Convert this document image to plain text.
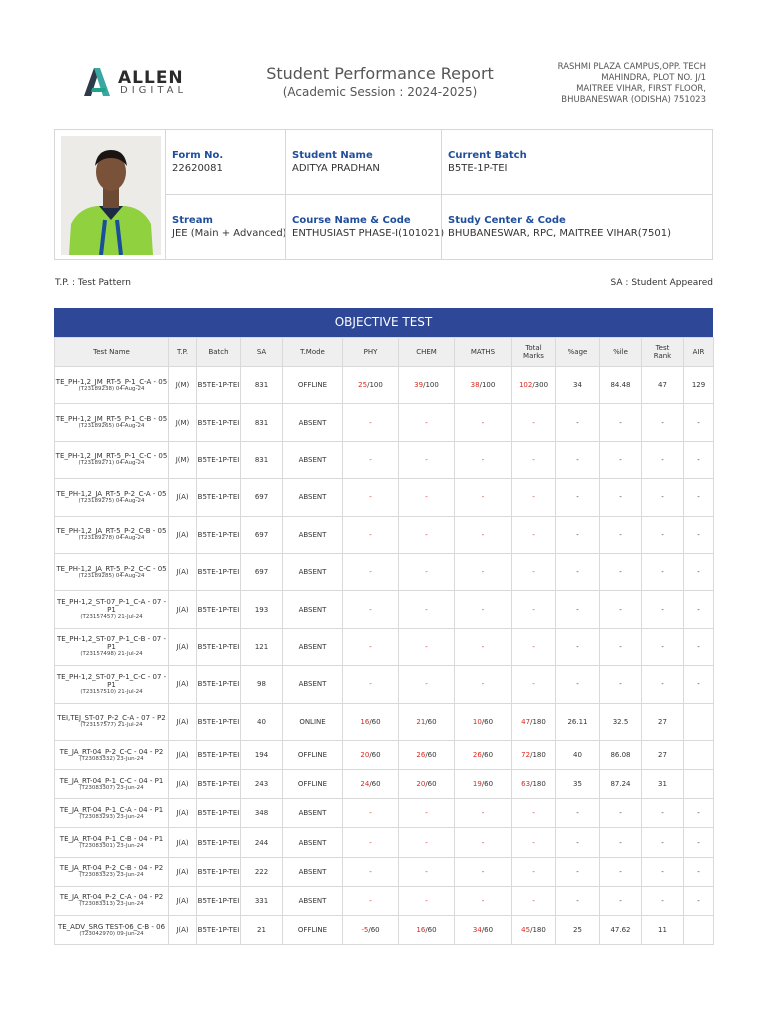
ALLEN
DIGITAL
Student Performance Report
(Academic Session : 2024-2025)
RASHMI PLAZA CAMPUS,OPP. TECH
MAHINDRA, PLOT NO. J/1
MAITREE VIHAR, FIRST FLOOR,
BHUBANESWAR (ODISHA) 751023
Form No.
22620081
Student Name
ADITYA PRADHAN
Current Batch
B5TE-1P-TEI
Stream
JEE (Main + Advanced)
Course Name & Code
ENTHUSIAST PHASE-I(101021)
Study Center & Code
BHUBANESWAR, RPC, MAITREE VIHAR(7501)
T.P. : Test Pattern	SA : Student Appeared
OBJECTIVE TEST
Test Name	T.P.	Batch	SA	T.Mode	PHY	CHEM	MATHS	Total Marks	%age	%ile	Test Rank	AIR

TE_PH-1,2_JM_RT-5_P-1_C-A - 05
(T23189238) 04-Aug-24	J(M)	B5TE-1P-TEI	831	OFFLINE	25/100	39/100	38/100	102/300	34	84.48	47	129

TE_PH-1,2_JM_RT-5_P-1_C-B - 05
(T23189265) 04-Aug-24	J(M)	B5TE-1P-TEI	831	ABSENT	-	-	-	-	-	-	-	-

TE_PH-1,2_JM_RT-5_P-1_C-C - 05
(T23189271) 04-Aug-24	J(M)	B5TE-1P-TEI	831	ABSENT	-	-	-	-	-	-	-	-

TE_PH-1,2_JA_RT-5_P-2_C-A - 05
(T23189275) 04-Aug-24	J(A)	B5TE-1P-TEI	697	ABSENT	-	-	-	-	-	-	-	-

TE_PH-1,2_JA_RT-5_P-2_C-B - 05
(T23189278) 04-Aug-24	J(A)	B5TE-1P-TEI	697	ABSENT	-	-	-	-	-	-	-	-

TE_PH-1,2_JA_RT-5_P-2_C-C - 05
(T23189285) 04-Aug-24	J(A)	B5TE-1P-TEI	697	ABSENT	-	-	-	-	-	-	-	-

TE_PH-1,2_ST-07_P-1_C-A - 07 - P1
(T23157457) 21-Jul-24	J(A)	B5TE-1P-TEI	193	ABSENT	-	-	-	-	-	-	-	-

TE_PH-1,2_ST-07_P-1_C-B - 07 - P1
(T23157498) 21-Jul-24	J(A)	B5TE-1P-TEI	121	ABSENT	-	-	-	-	-	-	-	-

TE_PH-1,2_ST-07_P-1_C-C - 07 - P1
(T23157510) 21-Jul-24	J(A)	B5TE-1P-TEI	98	ABSENT	-	-	-	-	-	-	-	-

TEI,TEJ_ST-07_P-2_C-A - 07 - P2
(T23157577) 21-Jul-24	J(A)	B5TE-1P-TEI	40	ONLINE	16/60	21/60	10/60	47/180	26.11	32.5	27	

TE_JA_RT-04_P-2_C-C - 04 - P2
(T23083332) 23-Jun-24	J(A)	B5TE-1P-TEI	194	OFFLINE	20/60	26/60	26/60	72/180	40	86.08	27	

TE_JA_RT-04_P-1_C-C - 04 - P1
(T23083307) 23-Jun-24	J(A)	B5TE-1P-TEI	243	OFFLINE	24/60	20/60	19/60	63/180	35	87.24	31	

TE_JA_RT-04_P-1_C-A - 04 - P1
(T23083293) 23-Jun-24	J(A)	B5TE-1P-TEI	348	ABSENT	-	-	-	-	-	-	-	-

TE_JA_RT-04_P-1_C-B - 04 - P1
(T23083301) 23-Jun-24	J(A)	B5TE-1P-TEI	244	ABSENT	-	-	-	-	-	-	-	-

TE_JA_RT-04_P-2_C-B - 04 - P2
(T23083323) 23-Jun-24	J(A)	B5TE-1P-TEI	222	ABSENT	-	-	-	-	-	-	-	-

TE_JA_RT-04_P-2_C-A - 04 - P2
(T23083313) 23-Jun-24	J(A)	B5TE-1P-TEI	331	ABSENT	-	-	-	-	-	-	-	-

TE_ADV_SRG TEST-06_C-B - 06
(T23042970) 09-Jun-24	J(A)	B5TE-1P-TEI	21	OFFLINE	-5/60	16/60	34/60	45/180	25	47.62	11	
